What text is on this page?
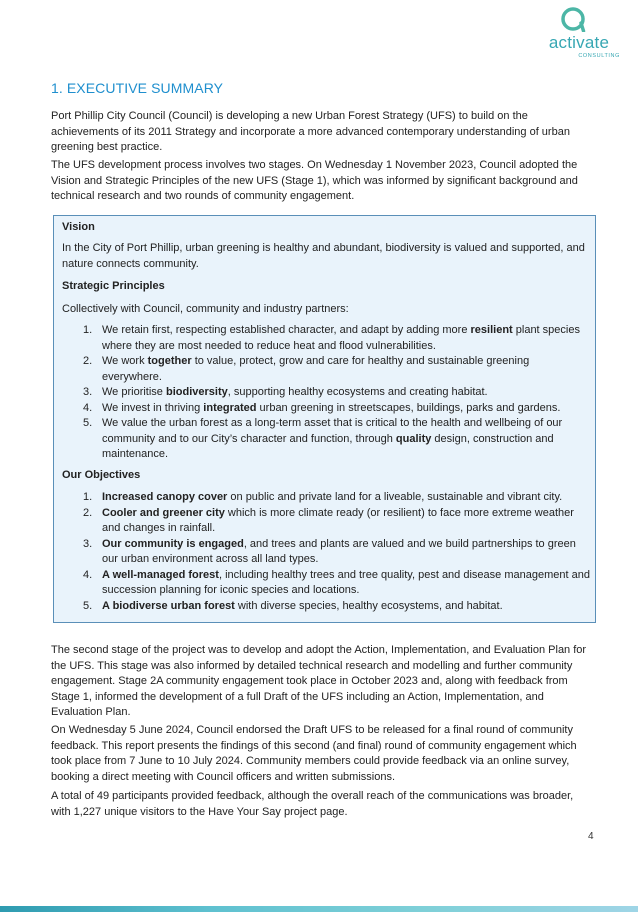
activate
CONSULTING
1. EXECUTIVE SUMMARY

Port Phillip City Council (Council) is developing a new Urban Forest Strategy (UFS) to build on the achievements of its 2011 Strategy and incorporate a more advanced contemporary understanding of urban greening best practice.

The UFS development process involves two stages. On Wednesday 1 November 2023, Council adopted the Vision and Strategic Principles of the new UFS (Stage 1), which was informed by significant background and technical research and two rounds of community engagement.

Vision

In the City of Port Phillip, urban greening is healthy and abundant, biodiversity is valued and supported, and nature connects community.

Strategic Principles

Collectively with Council, community and industry partners:

1. We retain first, respecting established character, and adapt by adding more resilient plant species where they are most needed to reduce heat and flood vulnerabilities.
2. We work together to value, protect, grow and care for healthy and sustainable greening everywhere.
3. We prioritise biodiversity, supporting healthy ecosystems and creating habitat.
4. We invest in thriving integrated urban greening in streetscapes, buildings, parks and gardens.
5. We value the urban forest as a long-term asset that is critical to the health and wellbeing of our community and to our City’s character and function, through quality design, construction and maintenance.

Our Objectives

1. Increased canopy cover on public and private land for a liveable, sustainable and vibrant city.
2. Cooler and greener city which is more climate ready (or resilient) to face more extreme weather and changes in rainfall.
3. Our community is engaged, and trees and plants are valued and we build partnerships to green our urban environment across all land types.
4. A well-managed forest, including healthy trees and tree quality, pest and disease management and succession planning for iconic species and locations.
5. A biodiverse urban forest with diverse species, healthy ecosystems, and habitat.

The second stage of the project was to develop and adopt the Action, Implementation, and Evaluation Plan for the UFS. This stage was also informed by detailed technical research and modelling and further community engagement. Stage 2A community engagement took place in October 2023 and, along with feedback from Stage 1, informed the development of a full Draft of the UFS including an Action, Implementation, and Evaluation Plan.

On Wednesday 5 June 2024, Council endorsed the Draft UFS to be released for a final round of community feedback. This report presents the findings of this second (and final) round of community engagement which took place from 7 June to 10 July 2024. Community members could provide feedback via an online survey, booking a direct meeting with Council officers and written submissions.

A total of 49 participants provided feedback, although the overall reach of the communications was broader, with 1,227 unique visitors to the Have Your Say project page.

4
